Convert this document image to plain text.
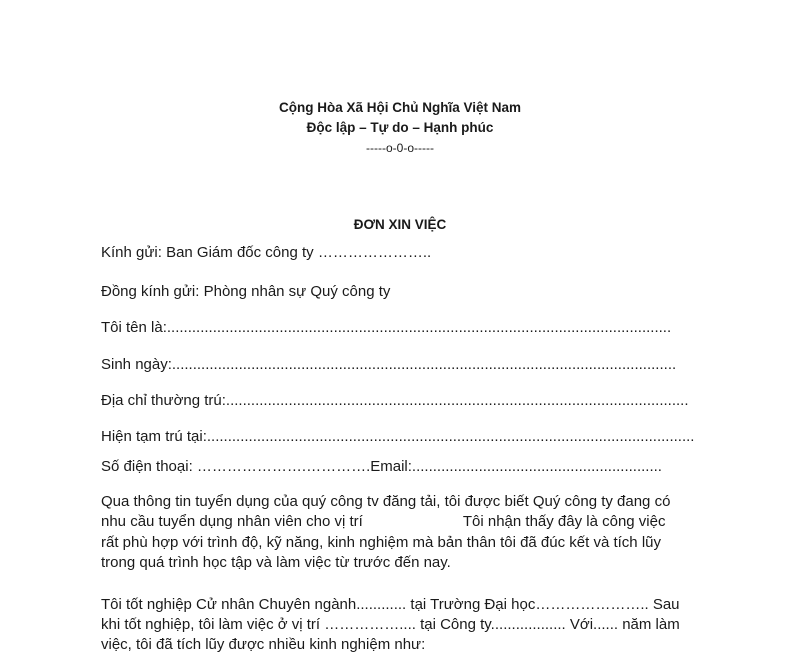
Cộng Hòa Xã Hội Chủ Nghĩa Việt Nam
Độc lập – Tự do – Hạnh phúc
-----o-0-o-----
ĐƠN XIN VIỆC
Kính gửi: Ban Giám đốc công ty …………………..
Đồng kính gửi: Phòng nhân sự Quý công ty
Tôi tên là:.........................................................................................................................
Sinh ngày:.........................................................................................................................
Địa chỉ thường trú:...............................................................................................................
Hiện tạm trú tại:.....................................................................................................................
Số điện thoại: ………………….………….Email:............................................................
Qua thông tin tuyển dụng của quý công tv đăng tải, tôi được biết Quý công ty đang có
nhu cầu tuyển dụng nhân viên cho vị trí	Tôi nhận thấy đây là công việc
rất phù hợp với trình độ, kỹ năng, kinh nghiệm mà bản thân tôi đã đúc kết và tích lũy
trong quá trình học tập và làm việc từ trước đến nay.
Tôi tốt nghiệp Cử nhân Chuyên ngành............ tại Trường Đại học………………….. Sau
khi tốt nghiệp, tôi làm việc ở vị trí …………….... tại Công ty.................. Với...... năm làm
việc, tôi đã tích lũy được nhiều kinh nghiệm như:
